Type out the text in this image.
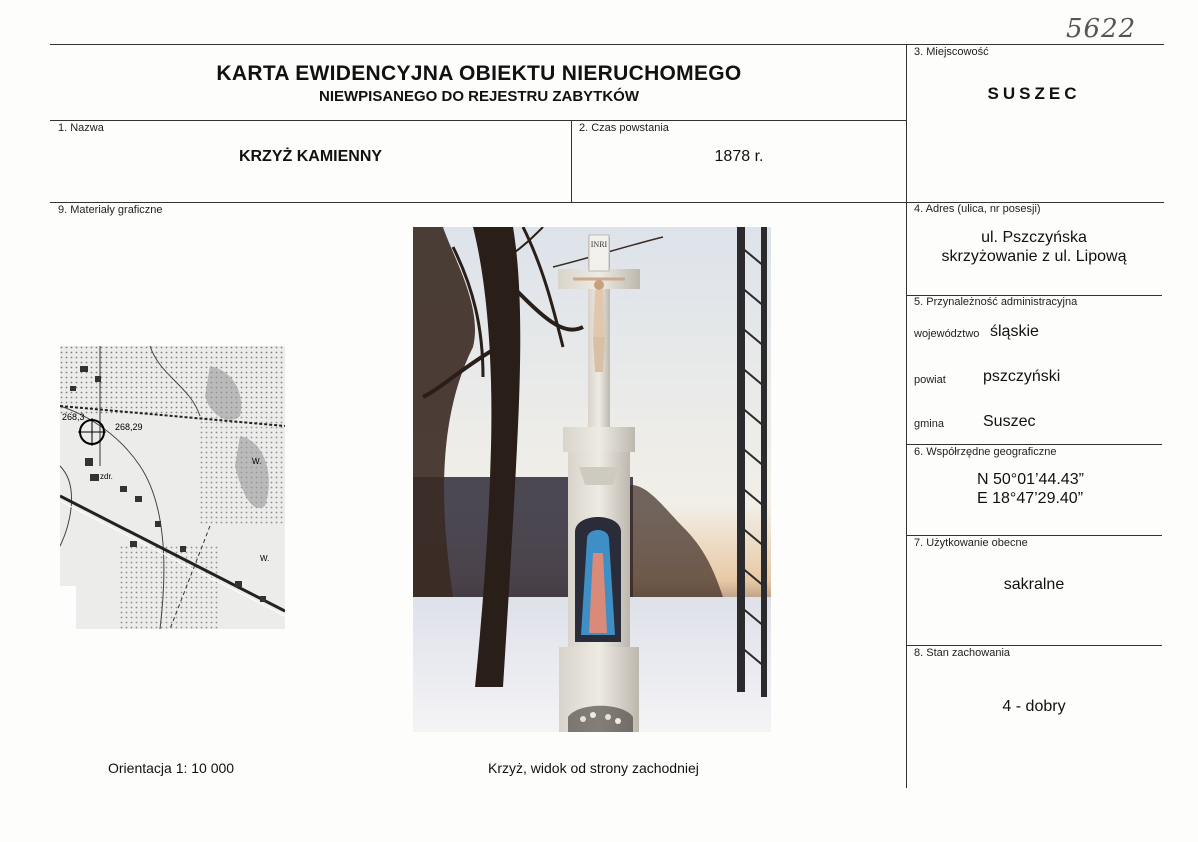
5622
KARTA EWIDENCYJNA OBIEKTU NIERUCHOMEGO
NIEWPISANEGO DO REJESTRU ZABYTKÓW
3. Miejscowość
SUSZEC
1. Nazwa
KRZYŻ KAMIENNY
2. Czas powstania
1878 r.
9. Materiały graficzne	4. Adres (ulica, nr posesji)
ul. Pszczyńska
skrzyżowanie z ul. Lipową
5. Przynależność administracyjna
województwo śląskie
powiat pszczyński
gmina Suszec
6. Współrzędne geograficzne
N 50°01’44.43”
E 18°47’29.40”
7. Użytkowanie obecne
sakralne
8. Stan zachowania
4 - dobry
268,3
268,29
W.
W.
zdr.
INRI
Orientacja 1: 10 000	Krzyż, widok od strony zachodniej
